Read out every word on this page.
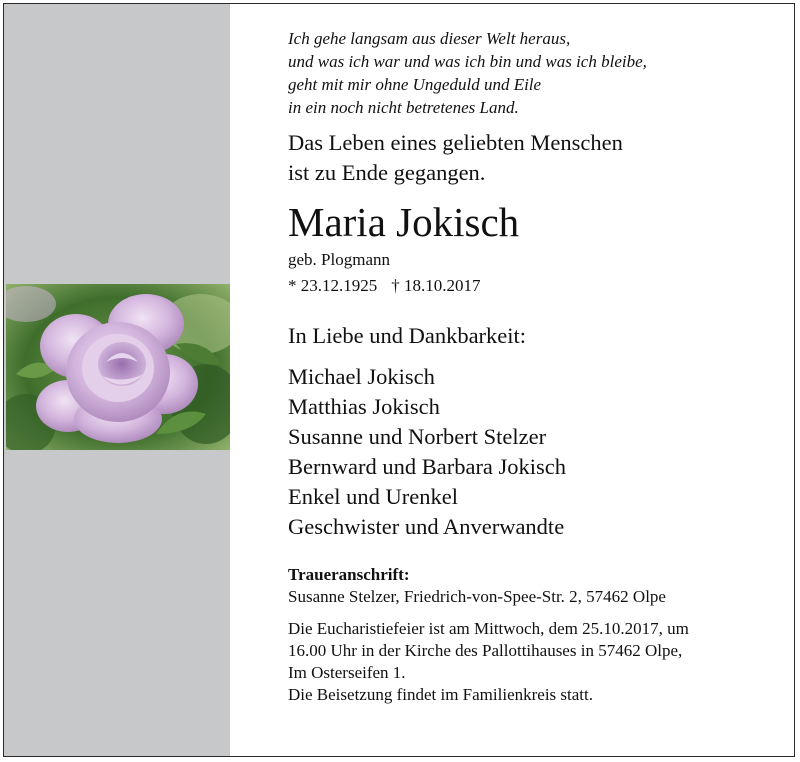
Ich gehe langsam aus dieser Welt heraus,
und was ich war und was ich bin und was ich bleibe,
geht mit mir ohne Ungeduld und Eile
in ein noch nicht betretenes Land.
Das Leben eines geliebten Menschen
ist zu Ende gegangen.
Maria Jokisch
geb. Plogmann
* 23.12.1925 † 18.10.2017
In Liebe und Dankbarkeit:
Michael Jokisch
Matthias Jokisch
Susanne und Norbert Stelzer
Bernward und Barbara Jokisch
Enkel und Urenkel
Geschwister und Anverwandte
Traueranschrift:
Susanne Stelzer, Friedrich-von-Spee-Str. 2, 57462 Olpe
Die Eucharistiefeier ist am Mittwoch, dem 25.10.2017, um
16.00 Uhr in der Kirche des Pallottihauses in 57462 Olpe,
Im Osterseifen 1.
Die Beisetzung findet im Familienkreis statt.
